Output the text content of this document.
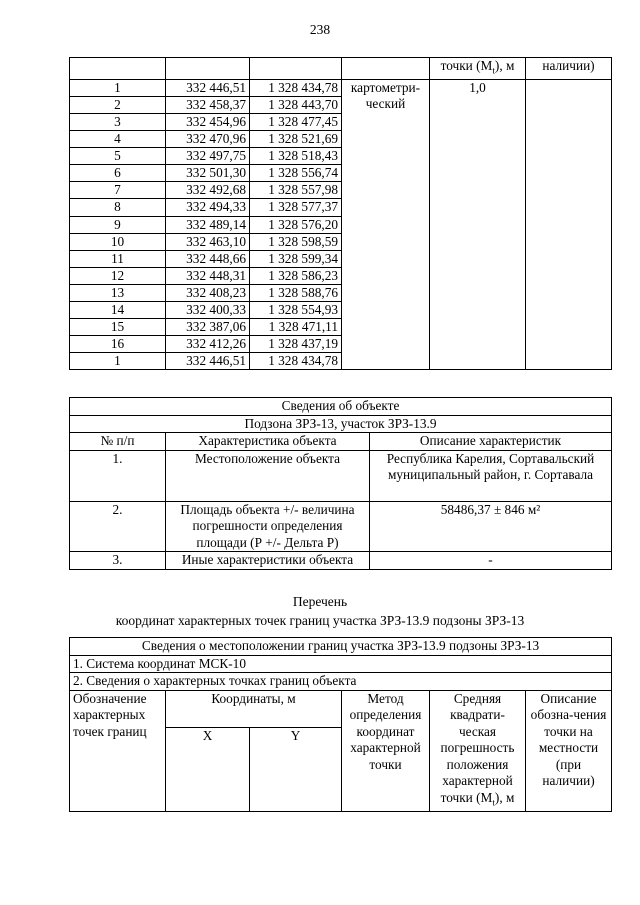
238
				точки $(M_t)$, м	наличии)
1	332 446,51	1 328 434,78	картометри-ческий	1,0	
2	332 458,37	1 328 443,70			
3	332 454,96	1 328 477,45			
4	332 470,96	1 328 521,69			
5	332 497,75	1 328 518,43			
6	332 501,30	1 328 556,74			
7	332 492,68	1 328 557,98			
8	332 494,33	1 328 577,37			
9	332 489,14	1 328 576,20			
10	332 463,10	1 328 598,59			
11	332 448,66	1 328 599,34			
12	332 448,31	1 328 586,23			
13	332 408,23	1 328 588,76			
14	332 400,33	1 328 554,93			
15	332 387,06	1 328 471,11			
16	332 412,26	1 328 437,19			
1	332 446,51	1 328 434,78			
Сведения об объекте		
Подзона ЗРЗ-13, участок ЗРЗ-13.9		
№ п/п	Характеристика объекта	Описание характеристик
1.	Местоположение объекта	Республика Карелия, Сортавальский муниципальный район, г. Сортавала
2.	Площадь объекта +/- величина погрешности определения площади (Р +/- Дельта Р)	58486,37 ± 846 м²
3.	Иные характеристики объекта	-
Перечень
координат характерных точек границ участка ЗРЗ-13.9 подзоны ЗРЗ-13
Сведения о местоположении границ участка ЗРЗ-13.9 подзоны ЗРЗ-13					
1. Система координат МСК-10					
2. Сведения о характерных точках границ объекта					
Обозначение характерных точек границ	Координаты, м		Метод определения координат характерной точки	Средняя квадрати-ческая погрешность положения характерной точки $(M_t)$, м	Описание обозна-чения точки на местности (при наличии)
	X	Y			
